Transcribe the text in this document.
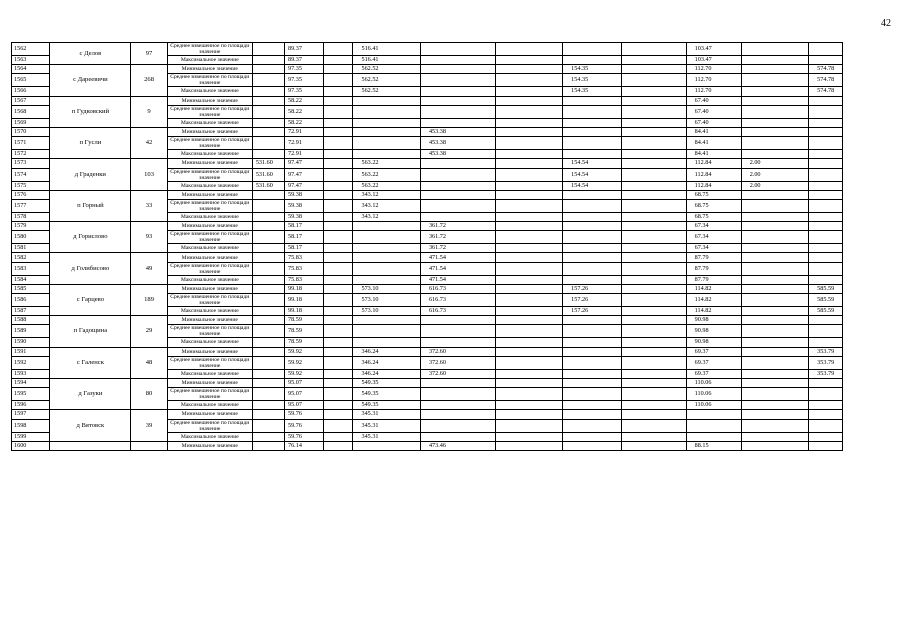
42
1562	с Делов	97	Среднее взвешенное по площади значение		89.37		516.41					103.47		
1563			Максимальное значение		89.37		516.41					103.47		
1564	с Дареевичи	268	Минимальное значение		97.35		562.52			154.35		112.70		574.78
1565			Среднее взвешенное по площади значение		97.35		562.52			154.35		112.70		574.78
1566			Максимальное значение		97.35		562.52			154.35		112.70		574.78
1567	п Гудковский	9	Минимальное значение		58.22							67.40		
1568			Среднее взвешенное по площади значение		58.22							67.40		
1569			Максимальное значение		58.22							67.40		
1570	п Гусли	42	Минимальное значение		72.91			453.38				84.41		
1571			Среднее взвешенное по площади значение		72.91			453.38				84.41		
1572			Максимальное значение		72.91			453.38				84.41		
1573	д Граденки	103	Минимальное значение	531.60	97.47		563.22			154.54		112.84	2.00	
1574			Среднее взвешенное по площади значение	531.60	97.47		563.22			154.54		112.84	2.00	
1575			Максимальное значение	531.60	97.47		563.22			154.54		112.84	2.00	
1576	п Горный	33	Минимальное значение		59.38		343.12					68.75		
1577			Среднее взвешенное по площади значение		59.38		343.12					68.75		
1578			Максимальное значение		59.38		343.12					68.75		
1579	д Горислово	93	Минимальное значение		58.17			361.72				67.34		
1580			Среднее взвешенное по площади значение		58.17			361.72				67.34		
1581			Максимальное значение		58.17			361.72				67.34		
1582	д Голибисово	49	Минимальное значение		75.83			471.54				87.79		
1583			Среднее взвешенное по площади значение		75.83			471.54				87.79		
1584			Максимальное значение		75.83			471.54				87.79		
1585	с Гарцево	189	Минимальное значение		99.18		573.10	616.73		157.26		114.82		585.59
1586			Среднее взвешенное по площади значение		99.18		573.10	616.73		157.26		114.82		585.59
1587			Максимальное значение		99.18		573.10	616.73		157.26		114.82		585.59
1588	п Гадощина	29	Минимальное значение		78.59							90.98		
1589			Среднее взвешенное по площади значение		78.59							90.98		
1590			Максимальное значение		78.59							90.98		
1591	с Галенск	48	Минимальное значение		59.92		346.24	372.60				69.37		353.79
1592			Среднее взвешенное по площади значение		59.92		346.24	372.60				69.37		353.79
1593			Максимальное значение		59.92		346.24	372.60				69.37		353.79
1594	д Газуки	80	Минимальное значение		95.07		549.35					110.06		
1595			Среднее взвешенное по площади значение		95.07		549.35					110.06		
1596			Максимальное значение		95.07		549.35					110.06		
1597	д Вятовск	39	Минимальное значение		59.76		345.31							
1598			Среднее взвешенное по площади значение		59.76		345.31							
1599			Максимальное значение		59.76		345.31							
1600			Минимальное значение		76.14			473.46				88.15		
